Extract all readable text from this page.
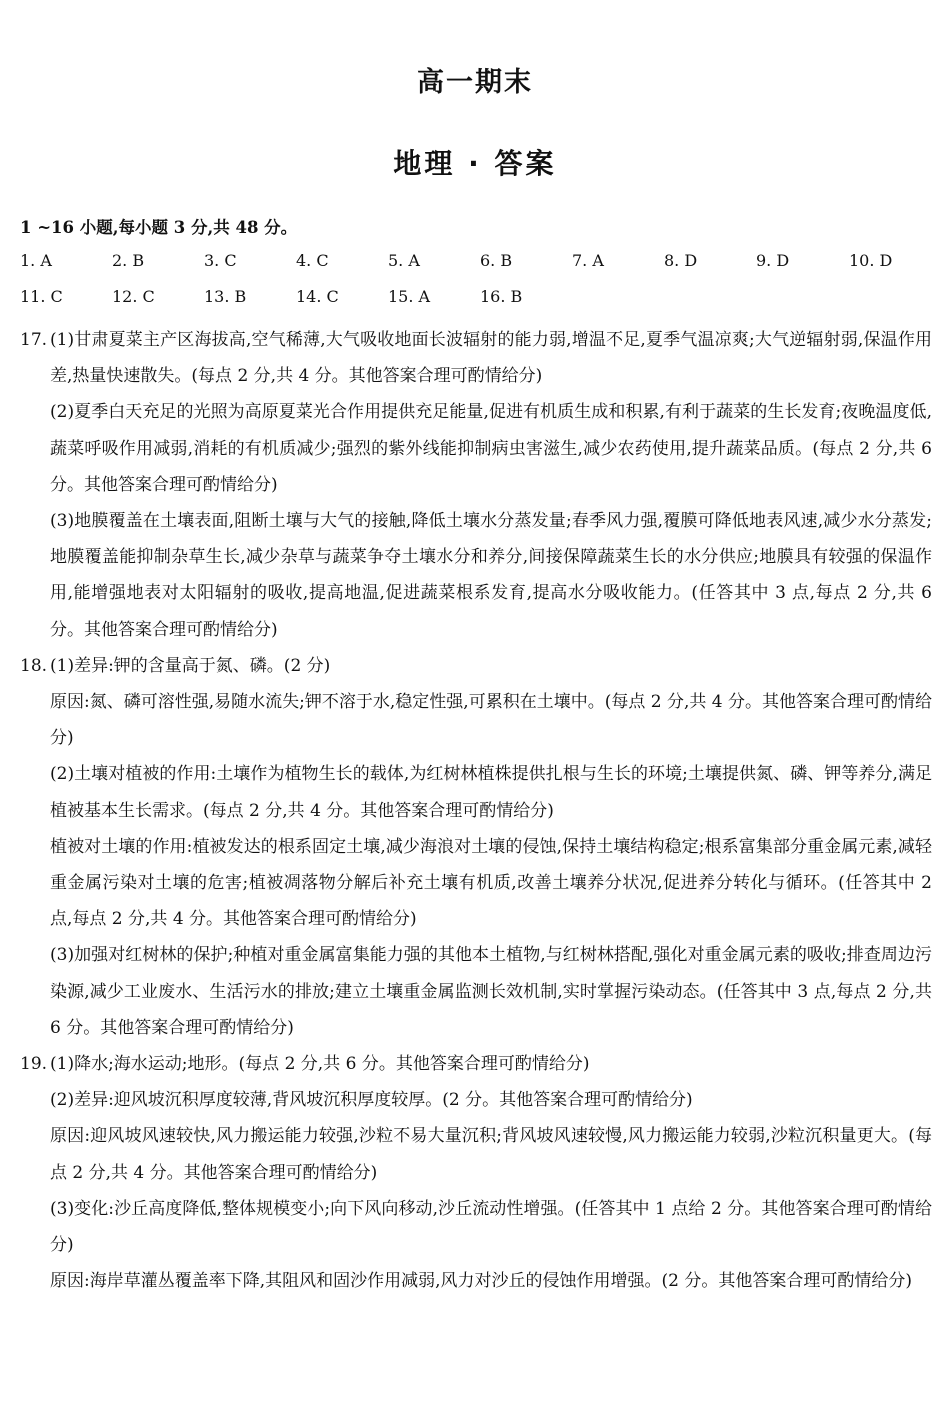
高一期末
地理 · 答案
1 ~16 小题,每小题 3 分,共 48 分。
1. A	2. B	3. C	4. C	5. A	6. B	7. A	8. D	9. D	10. D
11. C	12. C	13. B	14. C	15. A	16. B
17. (1)甘肃夏菜主产区海拔高,空气稀薄,大气吸收地面长波辐射的能力弱,增温不足,夏季气温凉爽;大气逆辐射弱,保温作用差,热量快速散失。(每点 2 分,共 4 分。其他答案合理可酌情给分)
(2)夏季白天充足的光照为高原夏菜光合作用提供充足能量,促进有机质生成和积累,有利于蔬菜的生长发育;夜晚温度低,蔬菜呼吸作用减弱,消耗的有机质减少;强烈的紫外线能抑制病虫害滋生,减少农药使用,提升蔬菜品质。(每点 2 分,共 6 分。其他答案合理可酌情给分)
(3)地膜覆盖在土壤表面,阻断土壤与大气的接触,降低土壤水分蒸发量;春季风力强,覆膜可降低地表风速,减少水分蒸发;地膜覆盖能抑制杂草生长,减少杂草与蔬菜争夺土壤水分和养分,间接保障蔬菜生长的水分供应;地膜具有较强的保温作用,能增强地表对太阳辐射的吸收,提高地温,促进蔬菜根系发育,提高水分吸收能力。(任答其中 3 点,每点 2 分,共 6 分。其他答案合理可酌情给分)
18. (1)差异:钾的含量高于氮、磷。(2 分)
原因:氮、磷可溶性强,易随水流失;钾不溶于水,稳定性强,可累积在土壤中。(每点 2 分,共 4 分。其他答案合理可酌情给分)
(2)土壤对植被的作用:土壤作为植物生长的载体,为红树林植株提供扎根与生长的环境;土壤提供氮、磷、钾等养分,满足植被基本生长需求。(每点 2 分,共 4 分。其他答案合理可酌情给分)
植被对土壤的作用:植被发达的根系固定土壤,减少海浪对土壤的侵蚀,保持土壤结构稳定;根系富集部分重金属元素,减轻重金属污染对土壤的危害;植被凋落物分解后补充土壤有机质,改善土壤养分状况,促进养分转化与循环。(任答其中 2 点,每点 2 分,共 4 分。其他答案合理可酌情给分)
(3)加强对红树林的保护;种植对重金属富集能力强的其他本土植物,与红树林搭配,强化对重金属元素的吸收;排查周边污染源,减少工业废水、生活污水的排放;建立土壤重金属监测长效机制,实时掌握污染动态。(任答其中 3 点,每点 2 分,共 6 分。其他答案合理可酌情给分)
19. (1)降水;海水运动;地形。(每点 2 分,共 6 分。其他答案合理可酌情给分)
(2)差异:迎风坡沉积厚度较薄,背风坡沉积厚度较厚。(2 分。其他答案合理可酌情给分)
原因:迎风坡风速较快,风力搬运能力较强,沙粒不易大量沉积;背风坡风速较慢,风力搬运能力较弱,沙粒沉积量更大。(每点 2 分,共 4 分。其他答案合理可酌情给分)
(3)变化:沙丘高度降低,整体规模变小;向下风向移动,沙丘流动性增强。(任答其中 1 点给 2 分。其他答案合理可酌情给分)
原因:海岸草灌丛覆盖率下降,其阻风和固沙作用减弱,风力对沙丘的侵蚀作用增强。(2 分。其他答案合理可酌情给分)
